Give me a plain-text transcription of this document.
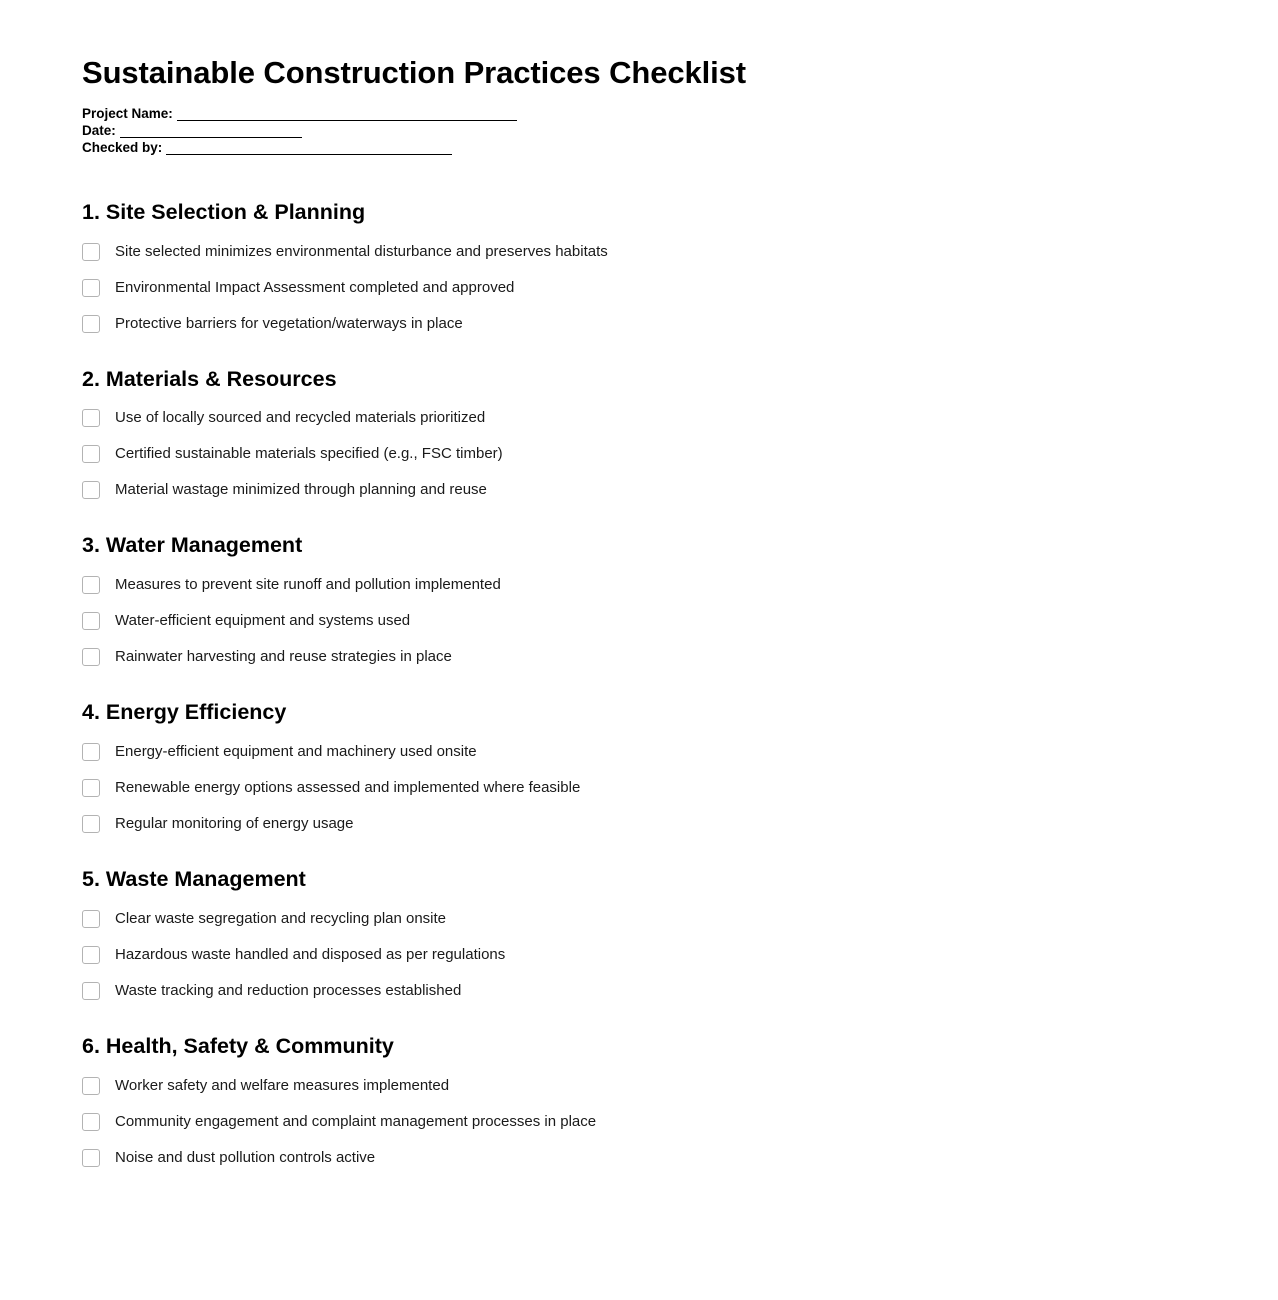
Sustainable Construction Practices Checklist
Project Name:
Date:
Checked by:
1. Site Selection & Planning
Site selected minimizes environmental disturbance and preserves habitats
Environmental Impact Assessment completed and approved
Protective barriers for vegetation/waterways in place
2. Materials & Resources
Use of locally sourced and recycled materials prioritized
Certified sustainable materials specified (e.g., FSC timber)
Material wastage minimized through planning and reuse
3. Water Management
Measures to prevent site runoff and pollution implemented
Water-efficient equipment and systems used
Rainwater harvesting and reuse strategies in place
4. Energy Efficiency
Energy-efficient equipment and machinery used onsite
Renewable energy options assessed and implemented where feasible
Regular monitoring of energy usage
5. Waste Management
Clear waste segregation and recycling plan onsite
Hazardous waste handled and disposed as per regulations
Waste tracking and reduction processes established
6. Health, Safety & Community
Worker safety and welfare measures implemented
Community engagement and complaint management processes in place
Noise and dust pollution controls active
